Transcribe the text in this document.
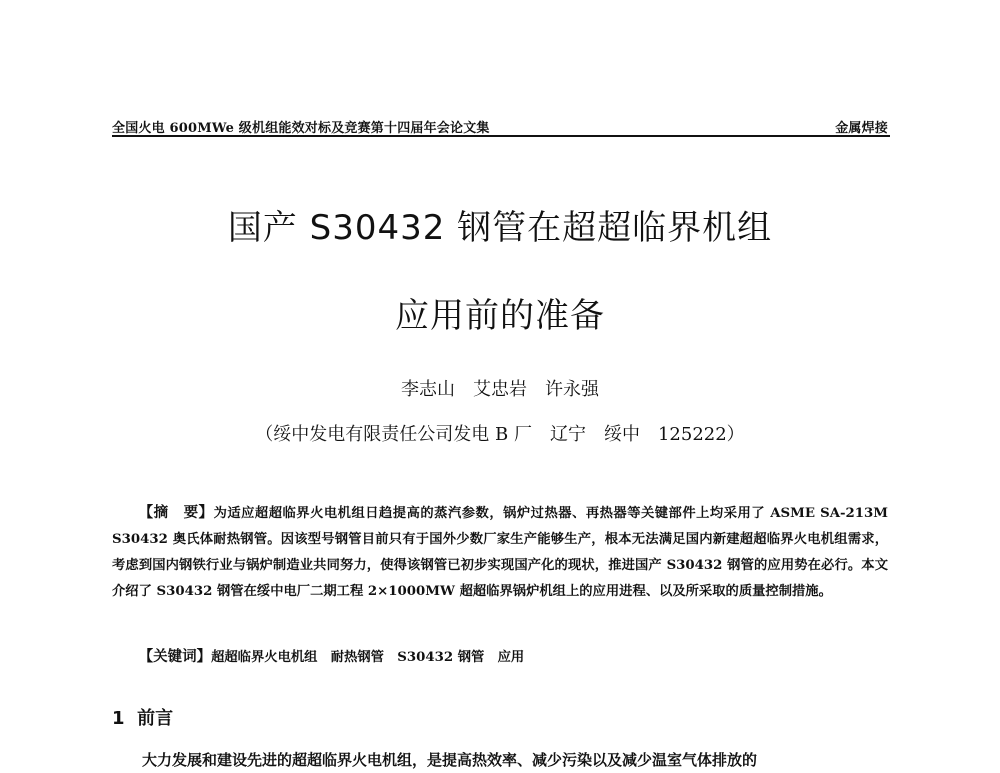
全国火电 600MWe 级机组能效对标及竞赛第十四届年会论文集	金属焊接
国产 S30432 钢管在超超临界机组
应用前的准备
李志山　艾忠岩　许永强
（绥中发电有限责任公司发电 B 厂　辽宁　绥中　125222）
【摘　要】为适应超超临界火电机组日趋提高的蒸汽参数，锅炉过热器、再热器等关键部件上均采用了 ASME SA-213M S30432 奥氏体耐热钢管。因该型号钢管目前只有于国外少数厂家生产能够生产，根本无法满足国内新建超超临界火电机组需求，考虑到国内钢铁行业与锅炉制造业共同努力，使得该钢管已初步实现国产化的现状，推进国产 S30432 钢管的应用势在必行。本文介绍了 S30432 钢管在绥中电厂二期工程 2×1000MW 超超临界锅炉机组上的应用进程、以及所采取的质量控制措施。
【关键词】超超临界火电机组　耐热钢管　S30432 钢管　应用
1 前言
大力发展和建设先进的超超临界火电机组，是提高热效率、减少污染以及减少温室气体排放的
